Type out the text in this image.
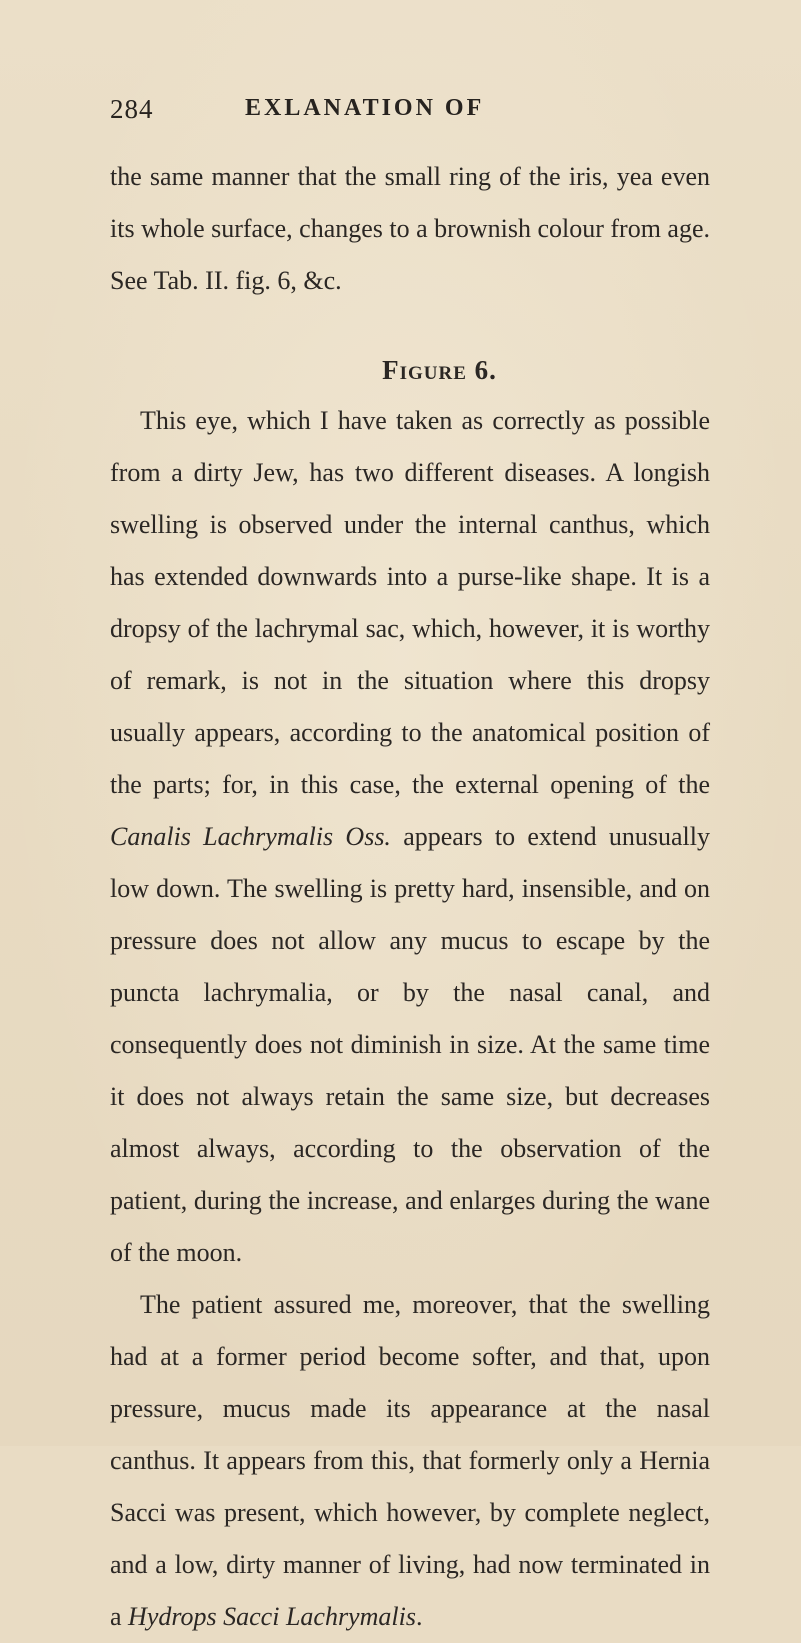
284	EXLANATION OF

the same manner that the small ring of the iris, yea even its whole surface, changes to a brownish colour from age. See Tab. II. fig. 6, &c.

Figure 6.

This eye, which I have taken as correctly as possible from a dirty Jew, has two different diseases. A longish swelling is observed under the internal canthus, which has extended downwards into a purse-like shape. It is a dropsy of the lachrymal sac, which, however, it is worthy of remark, is not in the situation where this dropsy usually appears, according to the anatomical position of the parts; for, in this case, the external opening of the Canalis Lachrymalis Oss. appears to extend unusually low down. The swelling is pretty hard, insensible, and on pressure does not allow any mucus to escape by the puncta lachrymalia, or by the nasal canal, and consequently does not diminish in size. At the same time it does not always retain the same size, but decreases almost always, according to the observation of the patient, during the increase, and enlarges during the wane of the moon.

The patient assured me, moreover, that the swelling had at a former period become softer, and that, upon pressure, mucus made its appearance at the nasal canthus. It appears from this, that formerly only a Hernia Sacci was present, which however, by complete neglect, and a low, dirty manner of living, had now terminated in a Hydrops Sacci Lachrymalis.
